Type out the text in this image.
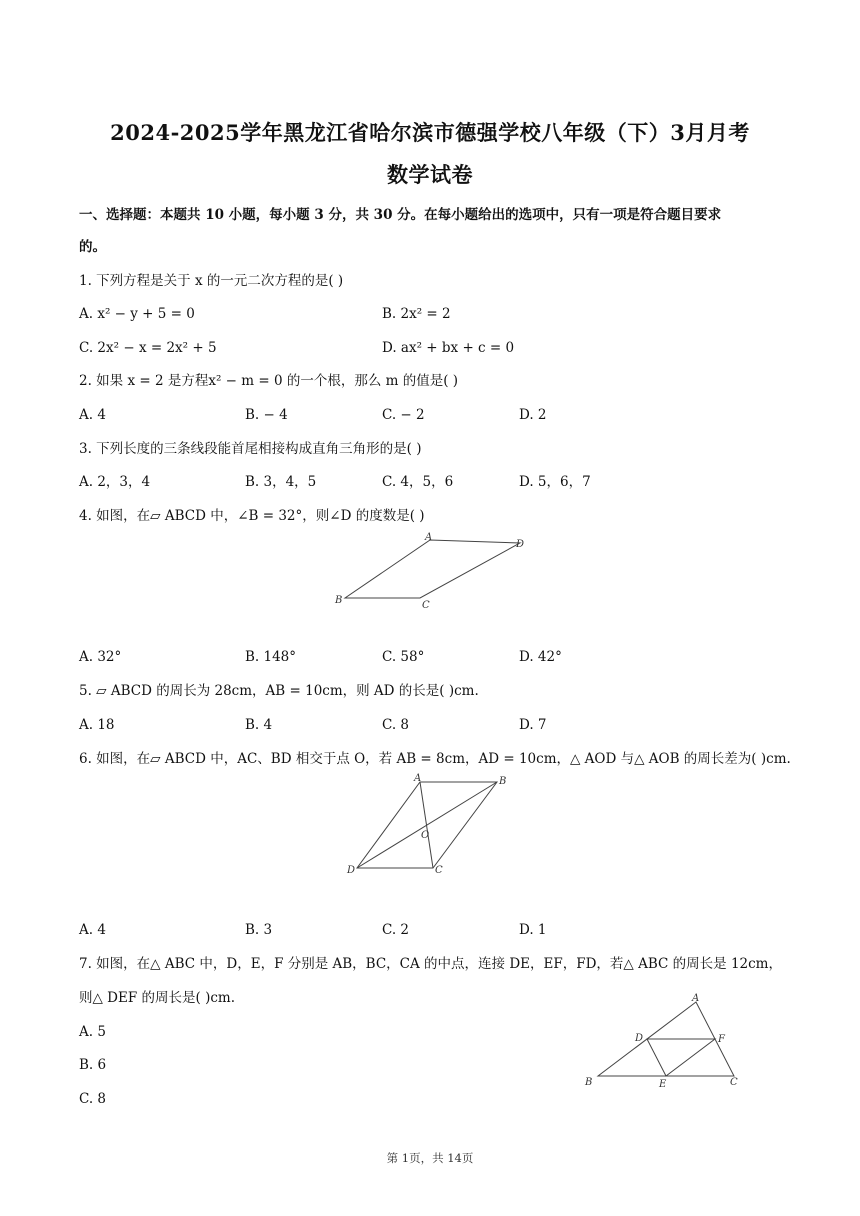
2024-2025学年黑龙江省哈尔滨市德强学校八年级（下）3月月考
数学试卷
一、选择题：本题共 10 小题，每小题 3 分，共 30 分。在每小题给出的选项中，只有一项是符合题目要求
的。
1. 下列方程是关于 x 的一元二次方程的是( )
A. x² − y + 5 = 0	B. 2x² = 2
C. 2x² − x = 2x² + 5	D. ax² + bx + c = 0
2. 如果 x = 2 是方程x² − m = 0 的一个根，那么 m 的值是( )
A. 4	B. − 4	C. − 2	D. 2
3. 下列长度的三条线段能首尾相接构成直角三角形的是( )
A. 2，3，4	B. 3，4，5	C. 4，5，6	D. 5，6，7
4. 如图，在▱ ABCD 中，∠B = 32°，则∠D 的度数是( )
A
D
B	C
A. 32°	B. 148°	C. 58°	D. 42°
5. ▱ ABCD 的周长为 28cm，AB = 10cm，则 AD 的长是( )cm.
A. 18	B. 4	C. 8	D. 7
6. 如图，在▱ ABCD 中，AC、BD 相交于点 O，若 AB = 8cm，AD = 10cm，△ AOD 与△ AOB 的周长差为( )cm.
A	B
O
D	C
A. 4	B. 3	C. 2	D. 1
7. 如图，在△ ABC 中，D，E，F 分别是 AB，BC，CA 的中点，连接 DE，EF，FD，若△ ABC 的周长是 12cm，
则△ DEF 的周长是( )cm.
A. 5
B. 6
C. 8
A
D	F
B	E	C
第 1页，共 14页
